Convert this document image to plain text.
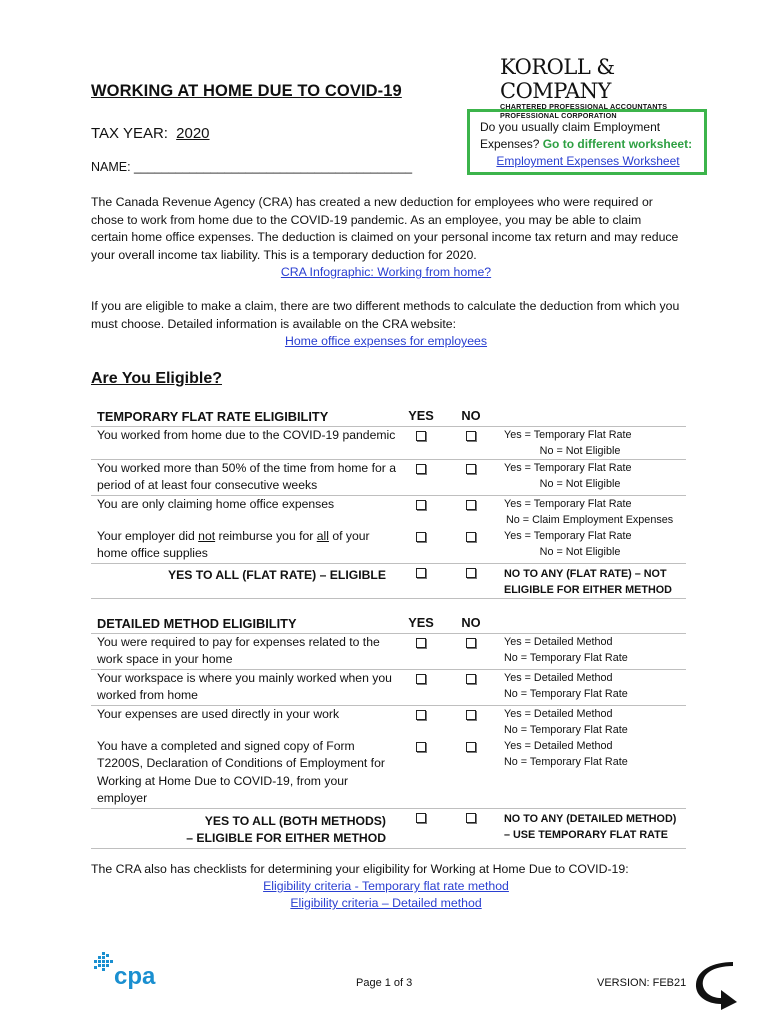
WORKING AT HOME DUE TO COVID-19
KOROLL & COMPANY
CHARTERED PROFESSIONAL ACCOUNTANTS
PROFESSIONAL CORPORATION
TAX YEAR: 2020
NAME: ________________________________________
Do you usually claim Employment
Expenses? Go to different worksheet:
Employment Expenses Worksheet
The Canada Revenue Agency (CRA) has created a new deduction for employees who were required or chose to work from home due to the COVID-19 pandemic. As an employee, you may be able to claim certain home office expenses. The deduction is claimed on your personal income tax return and may reduce your overall income tax liability. This is a temporary deduction for 2020.
CRA Infographic: Working from home?
If you are eligible to make a claim, there are two different methods to calculate the deduction from which you must choose. Detailed information is available on the CRA website:
Home office expenses for employees
Are You Eligible?
TEMPORARY FLAT RATE ELIGIBILITY	YES	NO	
You worked from home due to the COVID-19 pandemic			Yes = Temporary Flat Rate
No = Not Eligible

You worked more than 50% of the time from home for a period of at least four consecutive weeks			Yes = Temporary Flat Rate
No = Not Eligible

You are only claiming home office expenses			Yes = Temporary Flat Rate
No = Claim Employment Expenses

Your employer did not reimburse you for all of your home office supplies			Yes = Temporary Flat Rate
No = Not Eligible

YES TO ALL (FLAT RATE) – ELIGIBLE			NO TO ANY (FLAT RATE) – NOT
ELIGIBLE FOR EITHER METHOD
DETAILED METHOD ELIGIBILITY	YES	NO	
You were required to pay for expenses related to the work space in your home			Yes = Detailed Method
No = Temporary Flat Rate

Your workspace is where you mainly worked when you worked from home			Yes = Detailed Method
No = Temporary Flat Rate

Your expenses are used directly in your work			Yes = Detailed Method
No = Temporary Flat Rate

You have a completed and signed copy of Form T2200S, Declaration of Conditions of Employment for Working at Home Due to COVID-19, from your employer			Yes = Detailed Method
No = Temporary Flat Rate

YES TO ALL (BOTH METHODS)
– ELIGIBLE FOR EITHER METHOD			NO TO ANY (DETAILED METHOD)
– USE TEMPORARY FLAT RATE
The CRA also has checklists for determining your eligibility for Working at Home Due to COVID-19:
Eligibility criteria - Temporary flat rate method
Eligibility criteria – Detailed method
cpa	Page 1 of 3	VERSION: FEB21
